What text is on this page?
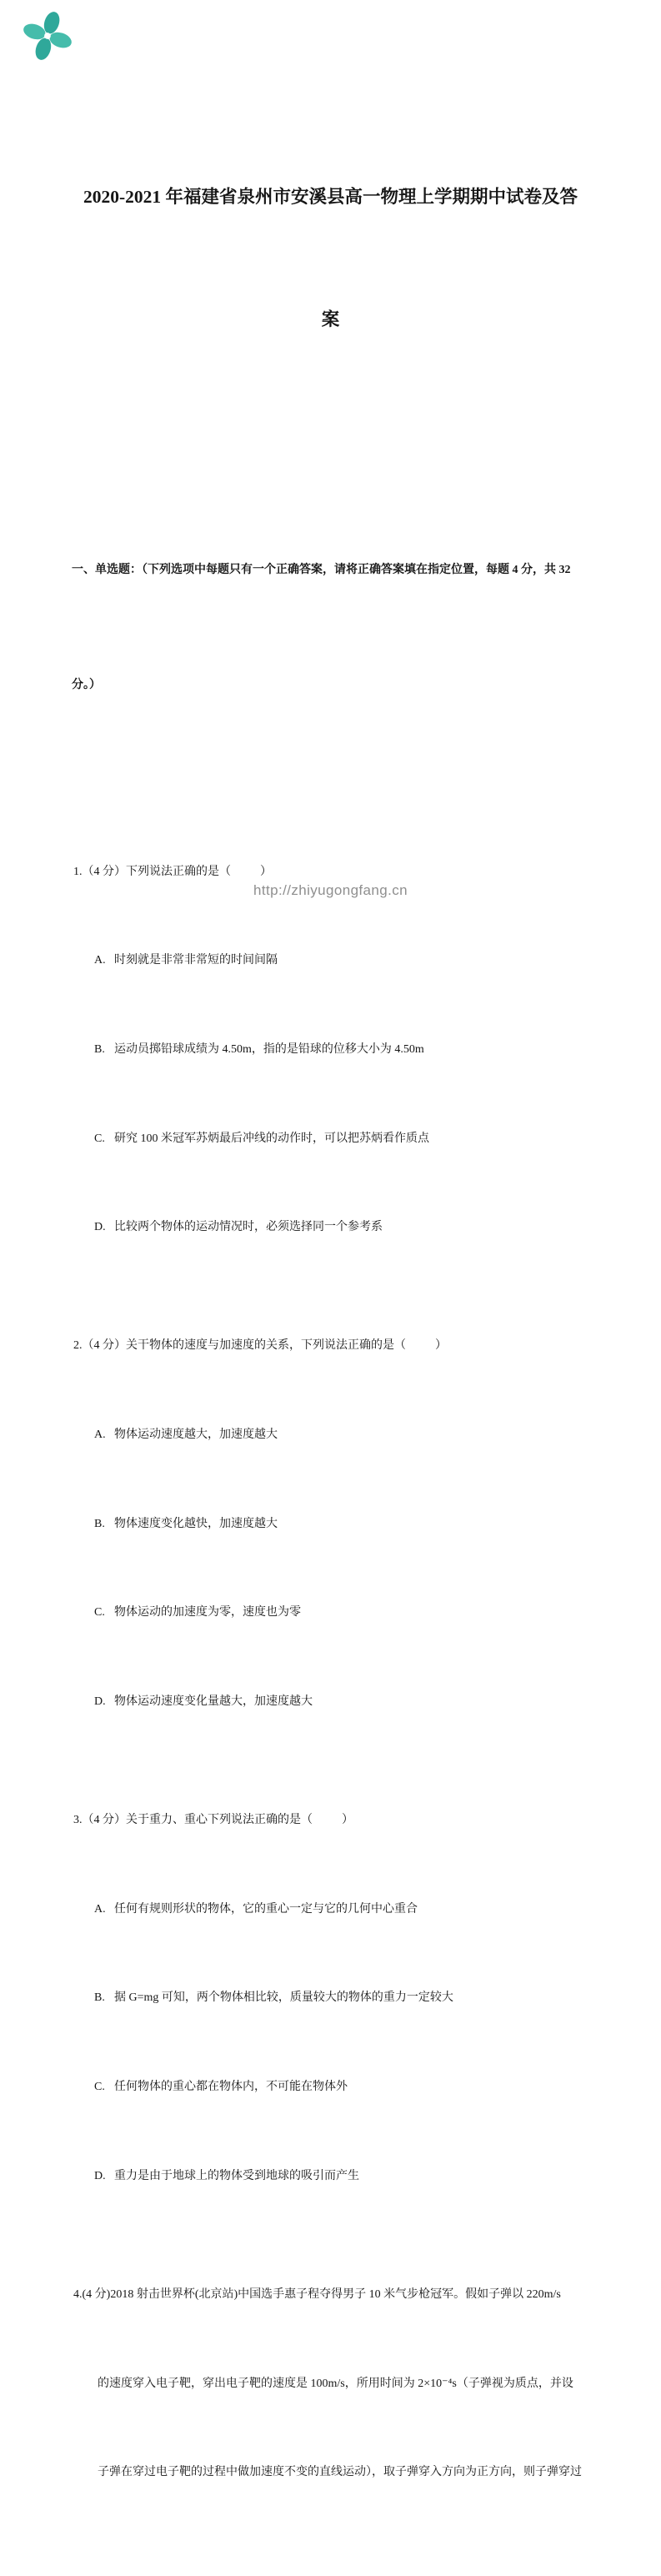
2020-2021 年福建省泉州市安溪县高一物理上学期期中试卷及答

案

一、单选题：（下列选项中每题只有一个正确答案，请将正确答案填在指定位置，每题 4 分，共 32

分。）

1.（4 分）下列说法正确的是（          ）

A. 时刻就是非常非常短的时间间隔

B. 运动员掷铅球成绩为 4.50m，指的是铅球的位移大小为 4.50m

C. 研究 100 米冠军苏炳最后冲线的动作时，可以把苏炳看作质点

D. 比较两个物体的运动情况时，必须选择同一个参考系

2.（4 分）关干物体的速度与加速度的关系，下列说法正确的是（          ）

A. 物体运动速度越大，加速度越大

B. 物体速度变化越快，加速度越大

C. 物体运动的加速度为零，速度也为零

D. 物体运动速度变化量越大，加速度越大

3.（4 分）关于重力、重心下列说法正确的是（          ）

A. 任何有规则形状的物体，它的重心一定与它的几何中心重合

B. 据 G=mg 可知，两个物体相比较，质量较大的物体的重力一定较大

C. 任何物体的重心都在物体内，不可能在物体外

D. 重力是由于地球上的物体受到地球的吸引而产生

4.(4 分)2018 射击世界杯(北京站)中国选手惠子程夺得男子 10 米气步枪冠军。假如子弹以 220m/s

的速度穿入电子靶，穿出电子靶的速度是 100m/s，所用时间为 2×10⁻⁴s（子弹视为质点，并设

子弹在穿过电子靶的过程中做加速度不变的直线运动），取子弹穿入方向为正方向，则子弹穿过

http://zhiyugongfang.cn
